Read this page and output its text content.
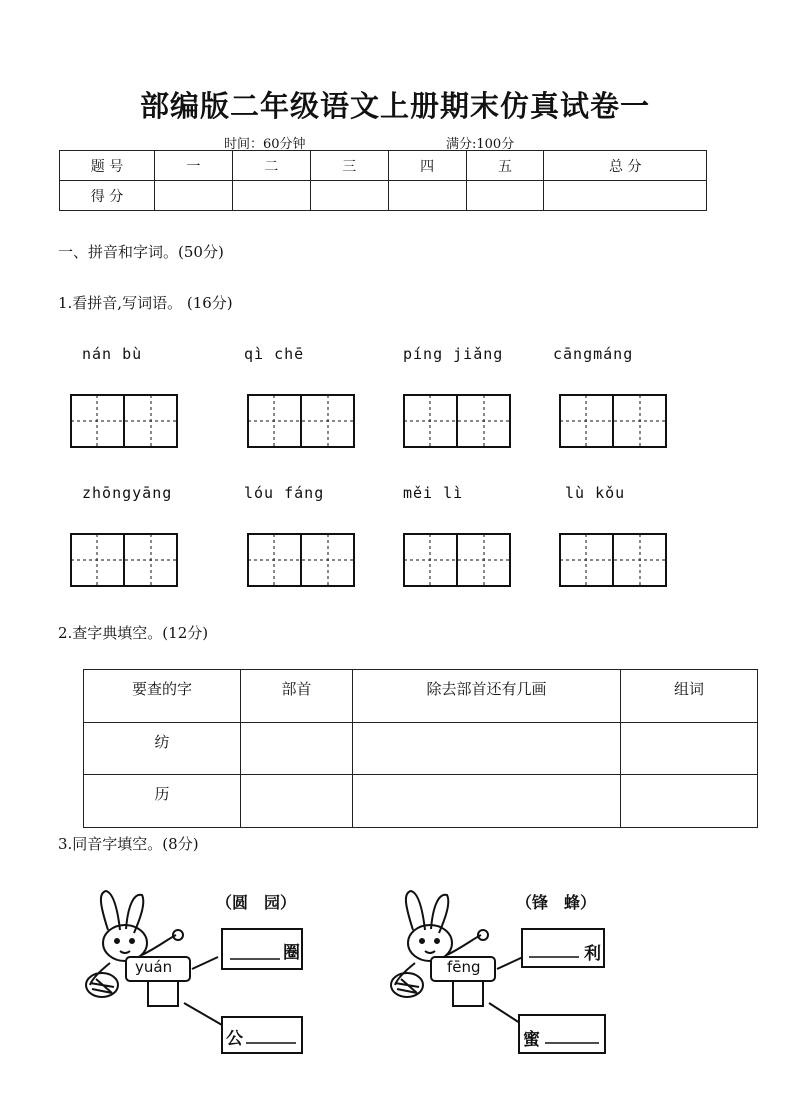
部编版二年级语文上册期末仿真试卷一
时间：60分钟	满分:100分
题 号	一	二	三	四	五	总 分
得 分						
一、拼音和字词。(50分)
1.看拼音,写词语。 (16分)
nán bù	qì chē	píng jiǎng	cāngmáng
zhōngyāng	lóu fáng	měi lì	lù kǒu
2.查字典填空。(12分)
要查的字	部首	除去部首还有几画	组词
纺			
历			
3.同音字填空。(8分)
（圆　园）
yuán
圈
公
（锋　蜂）
fēng
利
蜜
